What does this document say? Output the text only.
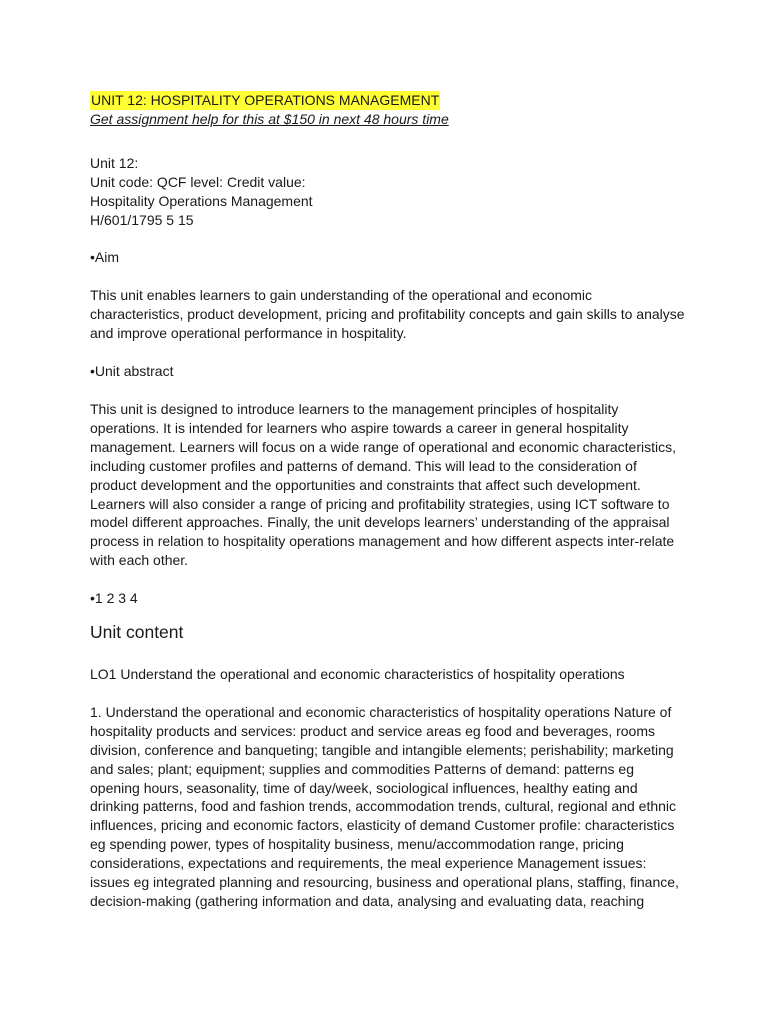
UNIT 12: HOSPITALITY OPERATIONS MANAGEMENT

Get assignment help for this at $150 in next 48 hours time

Unit 12:

Unit code: QCF level: Credit value:

Hospitality Operations Management

H/601/1795 5 15

•Aim

This unit enables learners to gain understanding of the operational and economic

characteristics, product development, pricing and profitability concepts and gain skills to analyse

and improve operational performance in hospitality.

•Unit abstract

This unit is designed to introduce learners to the management principles of hospitality

operations. It is intended for learners who aspire towards a career in general hospitality

management. Learners will focus on a wide range of operational and economic characteristics,

including customer profiles and patterns of demand. This will lead to the consideration of

product development and the opportunities and constraints that affect such development.

Learners will also consider a range of pricing and profitability strategies, using ICT software to

model different approaches. Finally, the unit develops learners’ understanding of the appraisal

process in relation to hospitality operations management and how different aspects inter-relate

with each other.

•1 2 3 4

Unit content

LO1 Understand the operational and economic characteristics of hospitality operations

1. Understand the operational and economic characteristics of hospitality operations Nature of

hospitality products and services: product and service areas eg food and beverages, rooms

division, conference and banqueting; tangible and intangible elements; perishability; marketing

and sales; plant; equipment; supplies and commodities Patterns of demand: patterns eg

opening hours, seasonality, time of day/week, sociological influences, healthy eating and

drinking patterns, food and fashion trends, accommodation trends, cultural, regional and ethnic

influences, pricing and economic factors, elasticity of demand Customer profile: characteristics

eg spending power, types of hospitality business, menu/accommodation range, pricing

considerations, expectations and requirements, the meal experience Management issues:

issues eg integrated planning and resourcing, business and operational plans, staffing, finance,

decision-making (gathering information and data, analysing and evaluating data, reaching
